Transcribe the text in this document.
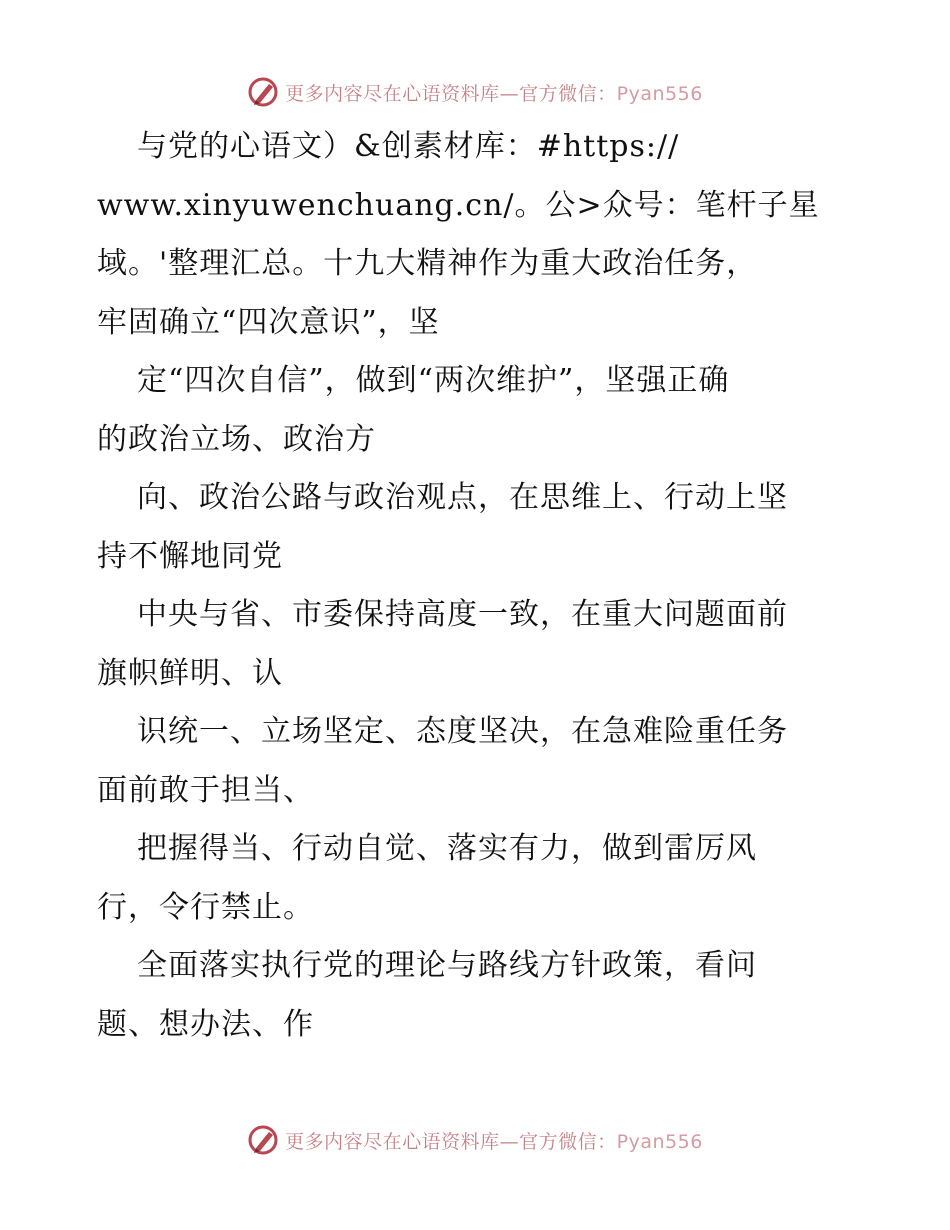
更多内容尽在心语资料库—官方微信：Pyan556
与党的心语文）&创素材库：#https://
www.xinyuwenchuang.cn/。公>众号：笔杆子星
域。'整理汇总。十九大精神作为重大政治任务，
牢固确立“四次意识”，坚
定“四次自信”，做到“两次维护”，坚强正确
的政治立场、政治方
向、政治公路与政治观点，在思维上、行动上坚
持不懈地同党
中央与省、市委保持高度一致，在重大问题面前
旗帜鲜明、认
识统一、立场坚定、态度坚决，在急难险重任务
面前敢于担当、
把握得当、行动自觉、落实有力，做到雷厉风
行，令行禁止。
全面落实执行党的理论与路线方针政策，看问
题、想办法、作
更多内容尽在心语资料库—官方微信：Pyan556
